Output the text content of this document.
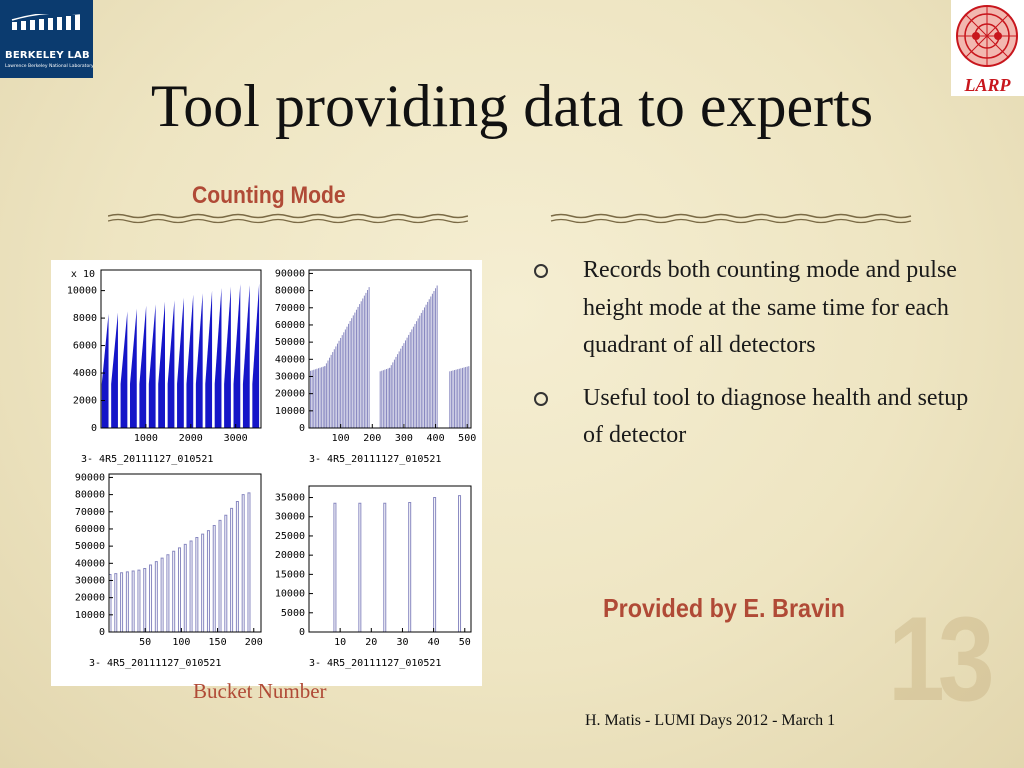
BERKELEY LAB
Lawrence Berkeley National Laboratory
LARP
Tool providing data to experts
Counting Mode
0
2000
4000
6000
8000
10000
1000 2000 3000
x 10
3- 4R5_20111127_010521
0
10000
20000
30000
40000
50000
60000
70000
80000
90000
100 200 300 400 500
3- 4R5_20111127_010521
0
10000
20000
30000
40000
50000
60000
70000
80000
90000
50 100 150 200
3- 4R5_20111127_010521
0
5000
10000
15000
20000
25000
30000
35000
10 20 30 40 50
3- 4R5_20111127_010521
Bucket Number
Records both counting mode and pulse height mode at the same time for each quadrant of all detectors
Useful tool to diagnose health and setup of detector
Provided by E. Bravin 13
H. Matis - LUMI Days 2012 - March 1
